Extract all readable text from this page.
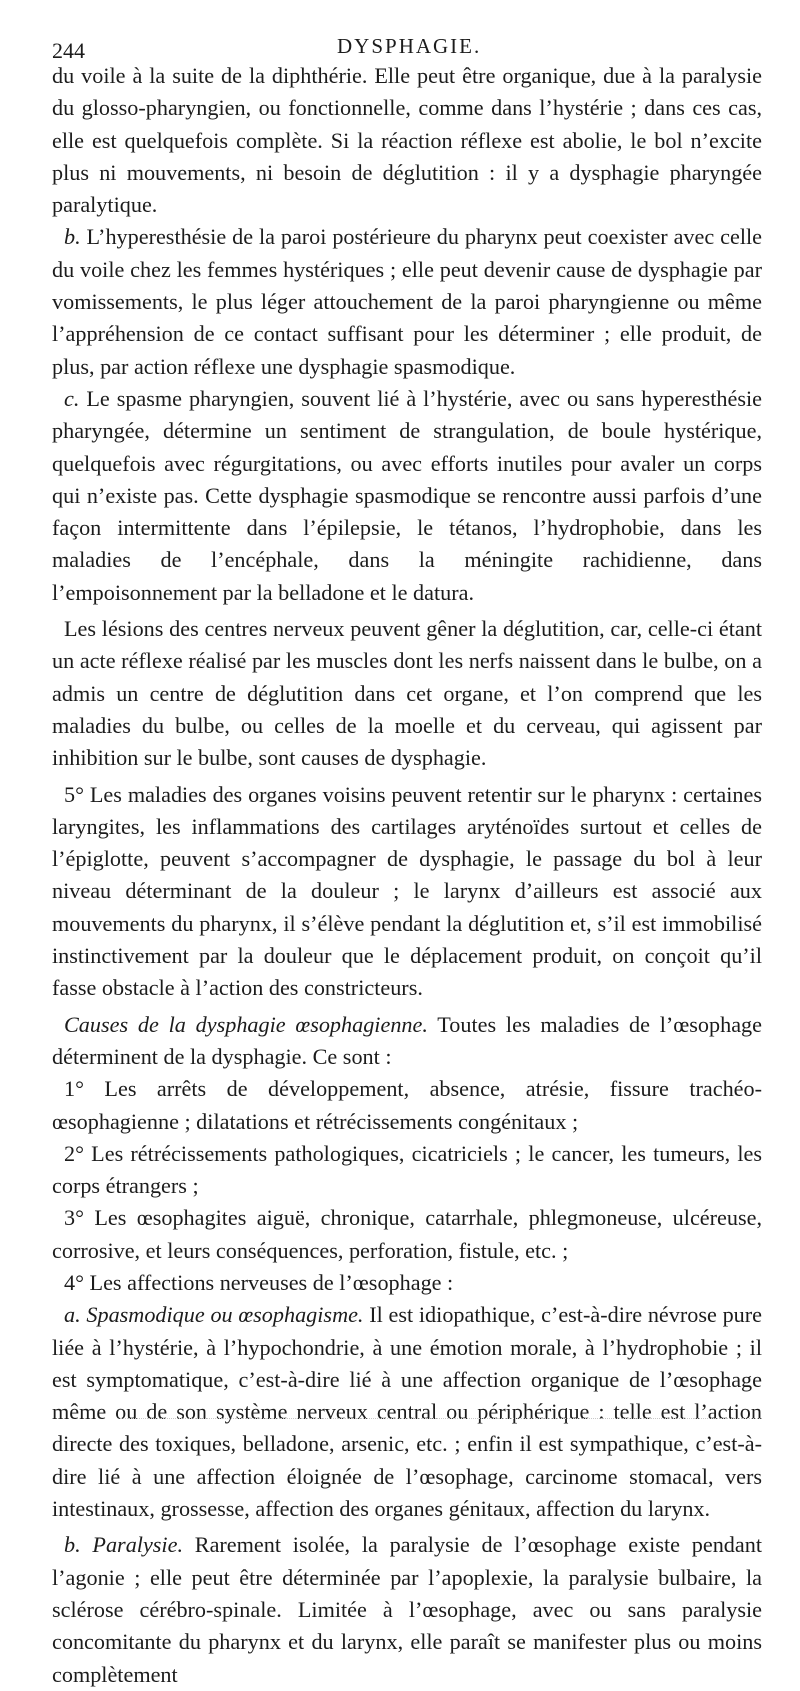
244	DYSPHAGIE.

du voile à la suite de la diphthérie. Elle peut être organique, due à la paralysie du glosso-pharyngien, ou fonctionnelle, comme dans l’hystérie ; dans ces cas, elle est quelquefois complète. Si la réaction réflexe est abolie, le bol n’excite plus ni mouvements, ni besoin de déglutition : il y a dysphagie pharyngée paralytique.

b. L’hyperesthésie de la paroi postérieure du pharynx peut coexister avec celle du voile chez les femmes hystériques ; elle peut devenir cause de dysphagie par vomissements, le plus léger attouchement de la paroi pharyngienne ou même l’appréhension de ce contact suffisant pour les déterminer ; elle produit, de plus, par action réflexe une dysphagie spasmodique.

c. Le spasme pharyngien, souvent lié à l’hystérie, avec ou sans hyperesthésie pharyngée, détermine un sentiment de strangulation, de boule hystérique, quelquefois avec régurgitations, ou avec efforts inutiles pour avaler un corps qui n’existe pas. Cette dysphagie spasmodique se rencontre aussi parfois d’une façon intermittente dans l’épilepsie, le tétanos, l’hydrophobie, dans les maladies de l’encéphale, dans la méningite rachidienne, dans l’empoisonnement par la belladone et le datura.

Les lésions des centres nerveux peuvent gêner la déglutition, car, celle-ci étant un acte réflexe réalisé par les muscles dont les nerfs naissent dans le bulbe, on a admis un centre de déglutition dans cet organe, et l’on comprend que les maladies du bulbe, ou celles de la moelle et du cerveau, qui agissent par inhibition sur le bulbe, sont causes de dysphagie.

5° Les maladies des organes voisins peuvent retentir sur le pharynx : certaines laryngites, les inflammations des cartilages aryténoïdes surtout et celles de l’épiglotte, peuvent s’accompagner de dysphagie, le passage du bol à leur niveau déterminant de la douleur ; le larynx d’ailleurs est associé aux mouvements du pharynx, il s’élève pendant la déglutition et, s’il est immobilisé instinctivement par la douleur que le déplacement produit, on conçoit qu’il fasse obstacle à l’action des constricteurs.

Causes de la dysphagie œsophagienne. Toutes les maladies de l’œsophage déterminent de la dysphagie. Ce sont :

1° Les arrêts de développement, absence, atrésie, fissure trachéo-œsophagienne ; dilatations et rétrécissements congénitaux ;

2° Les rétrécissements pathologiques, cicatriciels ; le cancer, les tumeurs, les corps étrangers ;

3° Les œsophagites aiguë, chronique, catarrhale, phlegmoneuse, ulcéreuse, corrosive, et leurs conséquences, perforation, fistule, etc. ;

4° Les affections nerveuses de l’œsophage :

a. Spasmodique ou œsophagisme. Il est idiopathique, c’est-à-dire névrose pure liée à l’hystérie, à l’hypochondrie, à une émotion morale, à l’hydrophobie ; il est symptomatique, c’est-à-dire lié à une affection organique de l’œsophage même ou de son système nerveux central ou périphérique : telle est l’action directe des toxiques, belladone, arsenic, etc. ; enfin il est sympathique, c’est-à-dire lié à une affection éloignée de l’œsophage, carcinome stomacal, vers intestinaux, grossesse, affection des organes génitaux, affection du larynx.

b. Paralysie. Rarement isolée, la paralysie de l’œsophage existe pendant l’agonie ; elle peut être déterminée par l’apoplexie, la paralysie bulbaire, la sclérose cérébro-spinale. Limitée à l’œsophage, avec ou sans paralysie concomitante du pharynx et du larynx, elle paraît se manifester plus ou moins complètement
